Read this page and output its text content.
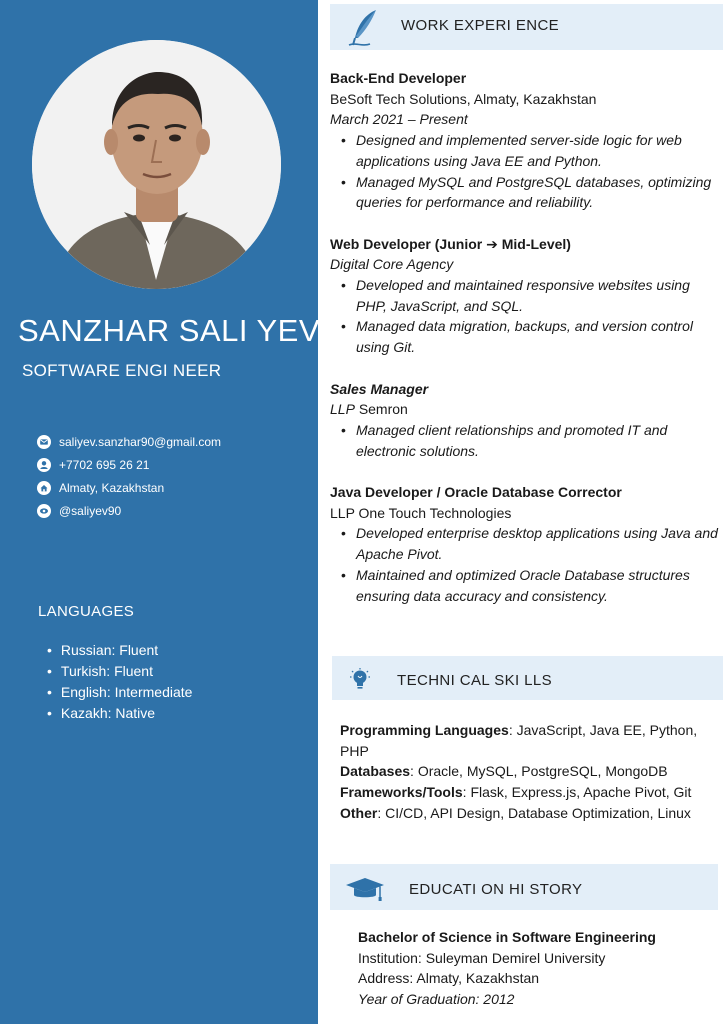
SANZHAR SALI YEV
SOFTWARE ENGI NEER
saliyev.sanzhar90@gmail.com
+7702 695 26 21
Almaty, Kazakhstan
@saliyev90
LANGUAGES
• Russian: Fluent
• Turkish: Fluent
• English: Intermediate
• Kazakh: Native
WORK EXPERI ENCE
Back-End Developer
BeSoft Tech Solutions, Almaty, Kazakhstan
March 2021 – Present
• Designed and implemented server-side logic for web applications using Java EE and Python.
• Managed MySQL and PostgreSQL databases, optimizing queries for performance and reliability.
Web Developer (Junior ➔ Mid-Level)
Digital Core Agency
• Developed and maintained responsive websites using PHP, JavaScript, and SQL.
• Managed data migration, backups, and version control using Git.
Sales Manager
LLP Semron
• Managed client relationships and promoted IT and electronic solutions.
Java Developer / Oracle Database Corrector
LLP One Touch Technologies
• Developed enterprise desktop applications using Java and Apache Pivot.
• Maintained and optimized Oracle Database structures ensuring data accuracy and consistency.
TECHNI CAL SKI LLS
Programming Languages: JavaScript, Java EE, Python, PHP
Databases: Oracle, MySQL, PostgreSQL, MongoDB
Frameworks/Tools: Flask, Express.js, Apache Pivot, Git
Other: CI/CD, API Design, Database Optimization, Linux
EDUCATI ON HI STORY
Bachelor of Science in Software Engineering
Institution: Suleyman Demirel University
Address: Almaty, Kazakhstan
Year of Graduation: 2012
